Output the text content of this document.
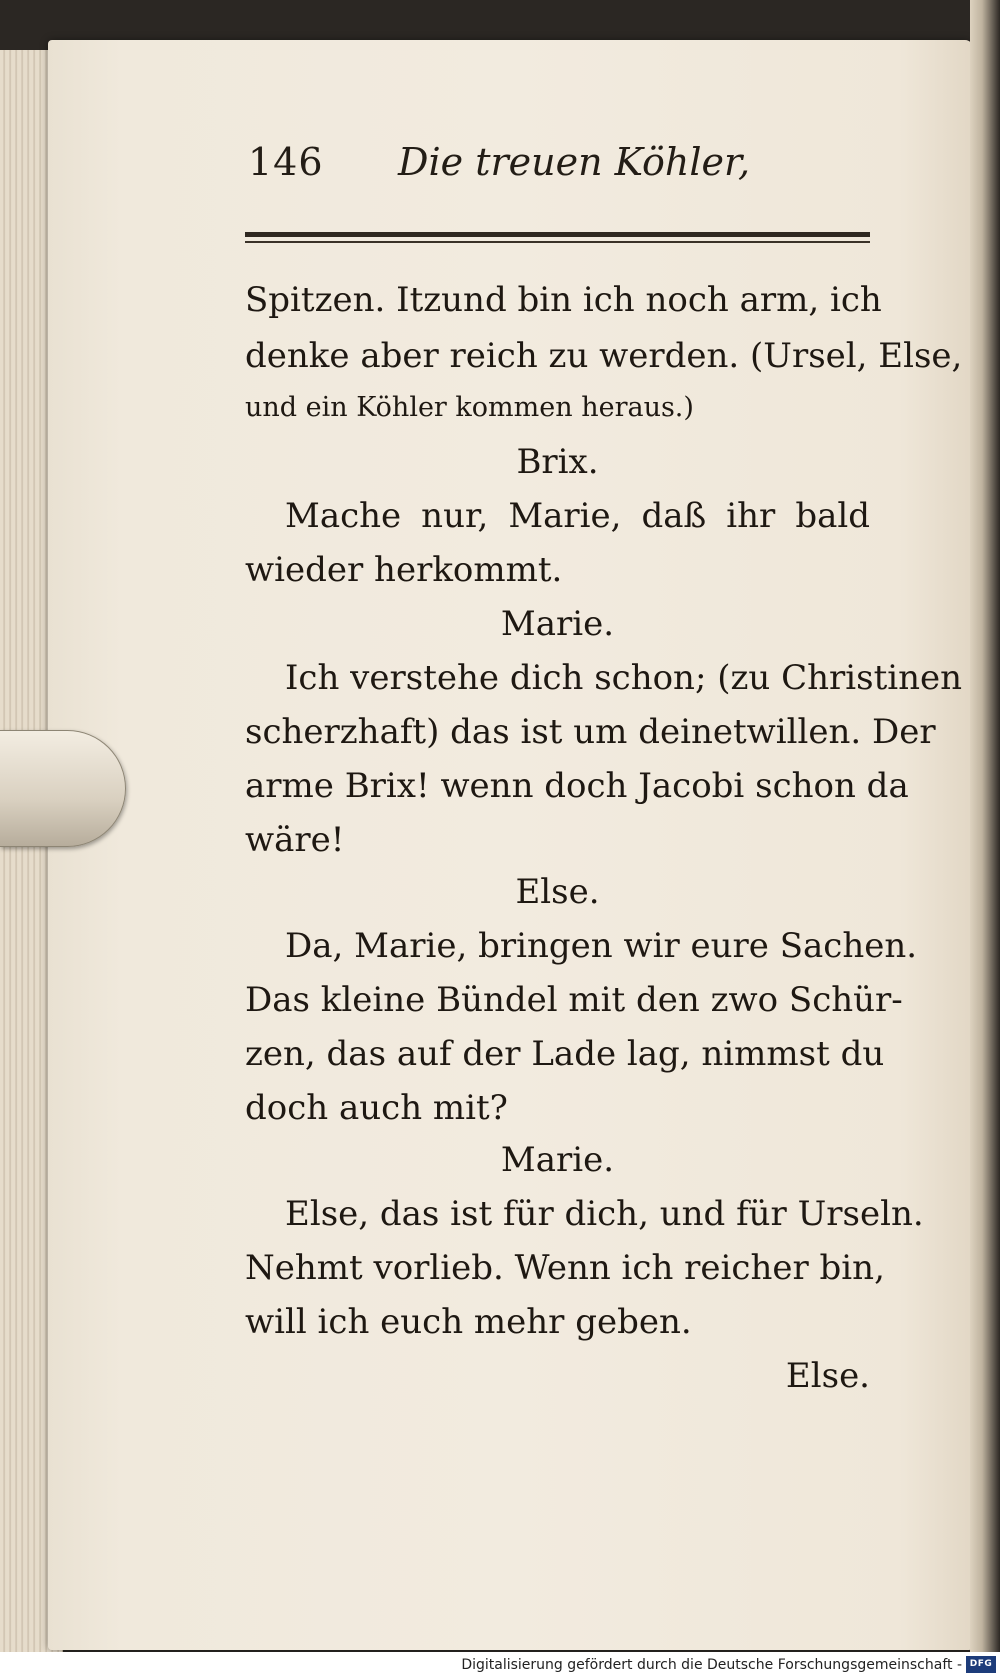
146 Die treuen Köhler,
Spitzen. Itzund bin ich noch arm, ich
denke aber reich zu werden. (Ursel, Else,
und ein Köhler kommen heraus.)
Brix.
Mache nur, Marie, daß ihr bald
wieder herkommt.
Marie.
Ich verstehe dich schon; (zu Christinen
scherzhaft) das ist um deinetwillen. Der
arme Brix! wenn doch Jacobi schon da
wäre!
Else.
Da, Marie, bringen wir eure Sachen.
Das kleine Bündel mit den zwo Schür-
zen, das auf der Lade lag, nimmst du
doch auch mit?
Marie.
Else, das ist für dich, und für Urseln.
Nehmt vorlieb. Wenn ich reicher bin,
will ich euch mehr geben.
Else.
Digitalisierung gefördert durch die Deutsche Forschungsgemeinschaft - DFG
